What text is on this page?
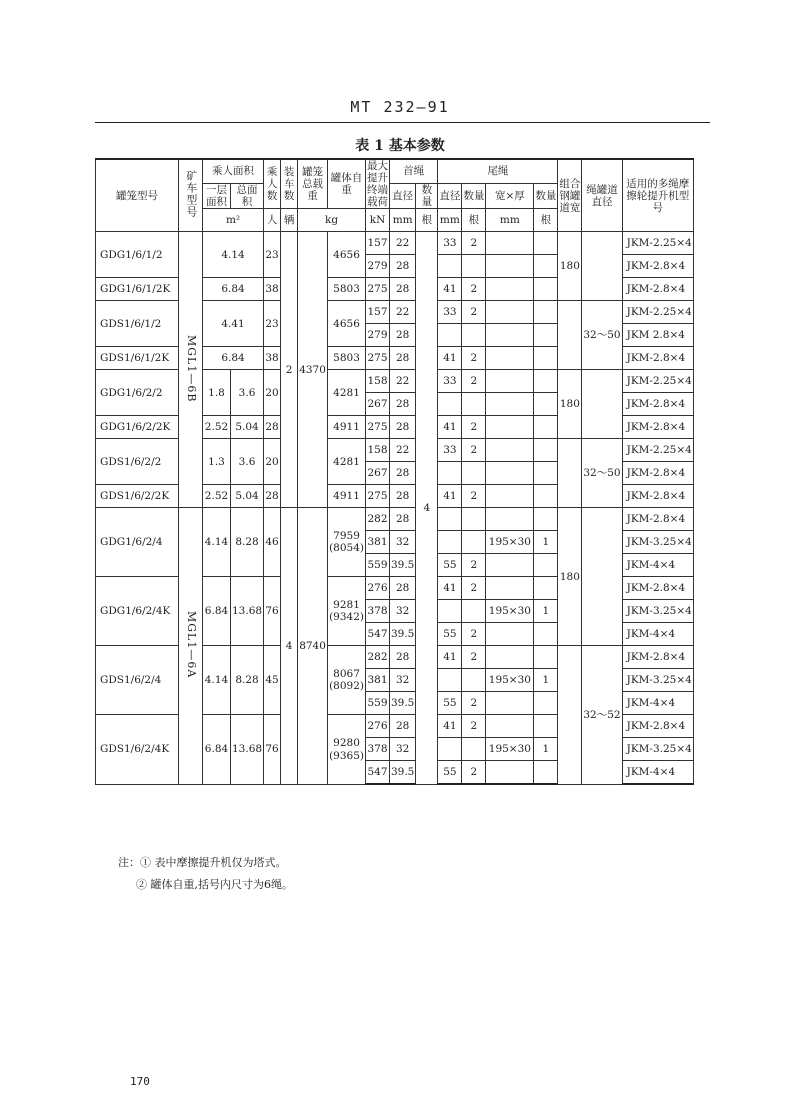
MT 232—91
表 1 基本参数
罐笼型号	矿车型号	乘人面积		乘人数	装车数	罐笼总载重	罐体自重	最大提升终端载荷	首绳		尾绳				组合钢罐道宽	绳罐道直径	适用的多绳摩擦轮提升机型号
		一层面积	总面积						直径	数量	直径	数量	宽×厚	数量			
		m²		人	辆	kg		kN	mm	根	mm	根	mm	根			
GDG1/6/1/2	MGL1—6B	4.14		23	2	4370	4656	157	22	4	33	2			180		JKM-2.25×4
								279	28								JKM-2.8×4
GDG1/6/1/2K		6.84		38			5803	275	28		41	2					JKM-2.8×4
GDS1/6/1/2		4.41		23			4656	157	22		33	2				32～50	JKM-2.25×4
								279	28								JKM 2.8×4
GDS1/6/1/2K		6.84		38			5803	275	28		41	2					JKM-2.8×4
GDG1/6/2/2		1.8	3.6	20			4281	158	22		33	2			180		JKM-2.25×4
								267	28								JKM-2.8×4
GDG1/6/2/2K		2.52	5.04	28			4911	275	28		41	2					JKM-2.8×4
GDS1/6/2/2		1.3	3.6	20			4281	158	22		33	2				32～50	JKM-2.25×4
								267	28								JKM-2.8×4
GDS1/6/2/2K		2.52	5.04	28			4911	275	28		41	2					JKM-2.8×4
GDG1/6/2/4	MGL1—6A	4.14	8.28	46	4	8740	7959 (8054)	282	28						180		JKM-2.8×4
								381	32				195×30	1			JKM-3.25×4
								559	39.5		55	2					JKM-4×4
GDG1/6/2/4K		6.84	13.68	76			9281 (9342)	276	28		41	2					JKM-2.8×4
								378	32				195×30	1			JKM-3.25×4
								547	39.5		55	2					JKM-4×4
GDS1/6/2/4		4.14	8.28	45			8067 (8092)	282	28		41	2				32～52	JKM-2.8×4
								381	32				195×30	1			JKM-3.25×4
								559	39.5		55	2					JKM-4×4
GDS1/6/2/4K		6.84	13.68	76			9280 (9365)	276	28		41	2					JKM-2.8×4
								378	32				195×30	1			JKM-3.25×4
								547	39.5		55	2					JKM-4×4
注：① 表中摩擦提升机仅为塔式。
② 罐体自重,括号内尺寸为6绳。
170
